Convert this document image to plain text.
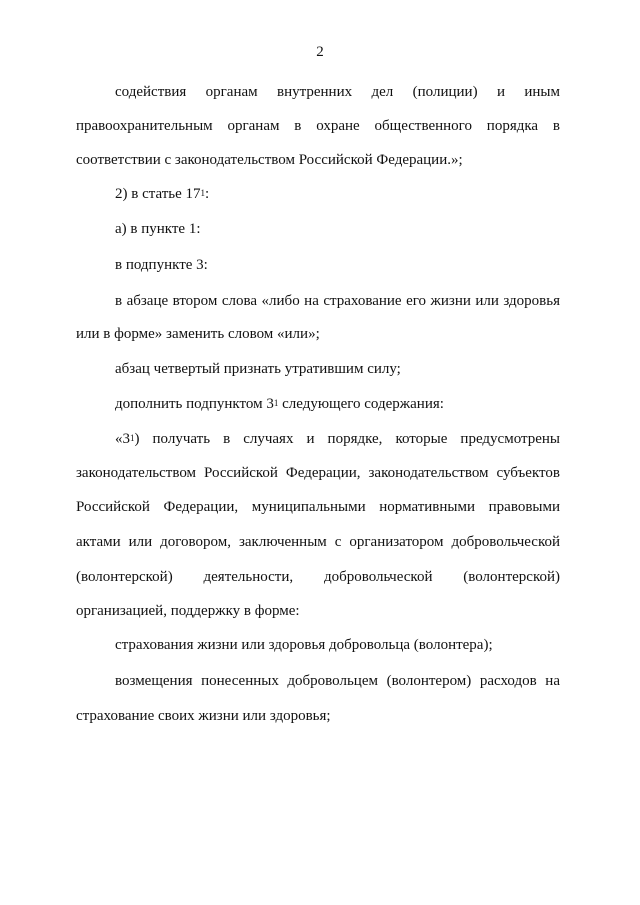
2
содействия органам внутренних дел (полиции) и иным
правоохранительным органам в охране общественного порядка в
соответствии с законодательством Российской Федерации.»;
2) в статье $17^1$:
а) в пункте 1:
в подпункте 3:
в абзаце втором слова «либо на страхование его жизни или здоровья
или в форме» заменить словом «или»;
абзац четвертый признать утратившим силу;
дополнить подпунктом $3^1$ следующего содержания:
«$3^1$) получать в случаях и порядке, которые предусмотрены
законодательством Российской Федерации, законодательством субъектов
Российской Федерации, муниципальными нормативными правовыми
актами или договором, заключенным с организатором добровольческой
(волонтерской) деятельности, добровольческой (волонтерской)
организацией, поддержку в форме:
страхования жизни или здоровья добровольца (волонтера);
возмещения понесенных добровольцем (волонтером) расходов на
страхование своих жизни или здоровья;
